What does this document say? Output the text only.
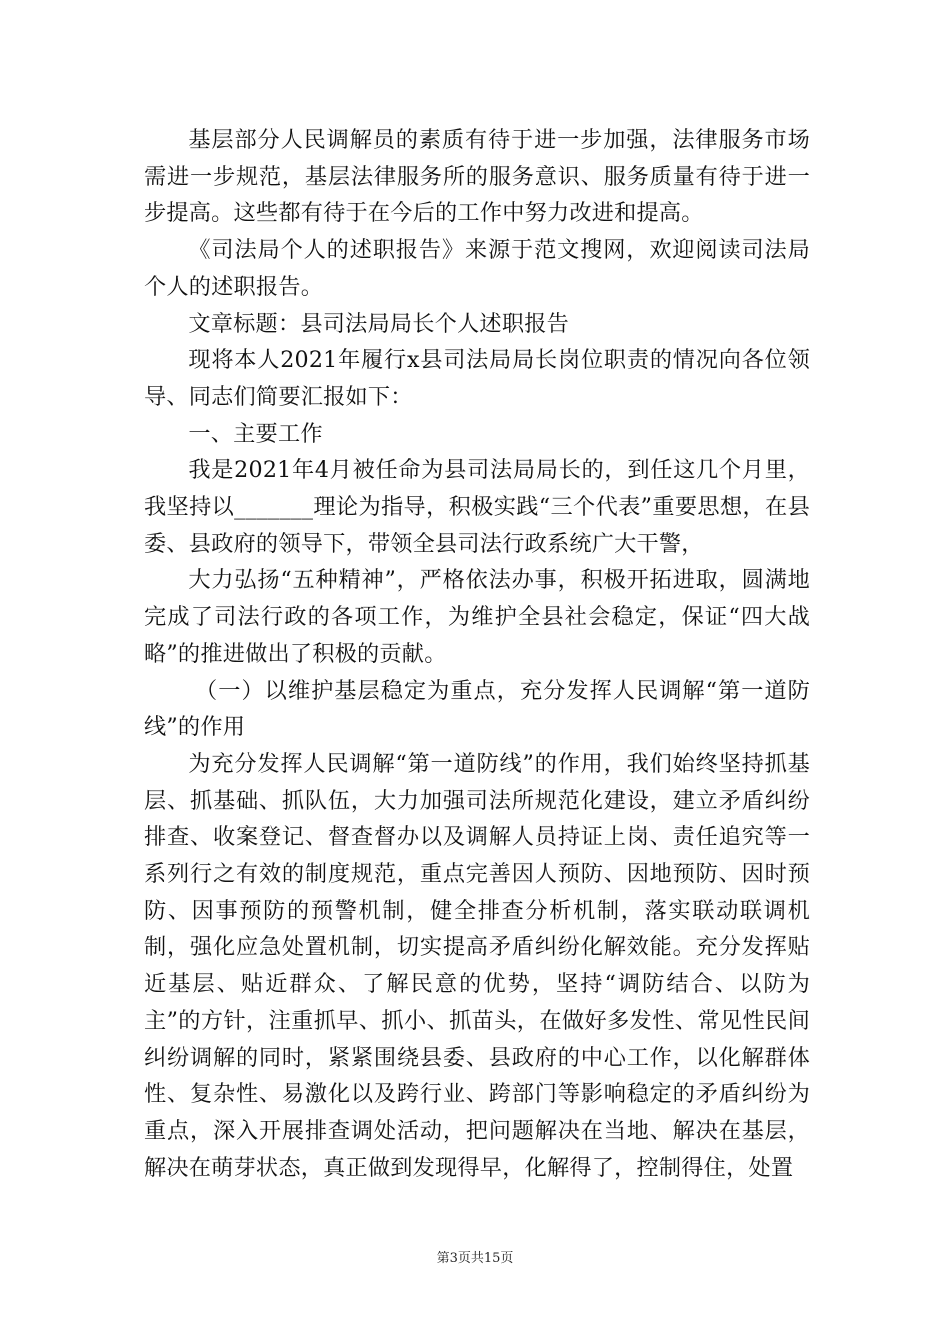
基层部分人民调解员的素质有待于进一步加强，法律服务市场需进一步规范，基层法律服务所的服务意识、服务质量有待于进一步提高。这些都有待于在今后的工作中努力改进和提高。

《司法局个人的述职报告》来源于范文搜网，欢迎阅读司法局个人的述职报告。

文章标题：县司法局局长个人述职报告

现将本人2021年履行x县司法局局长岗位职责的情况向各位领导、同志们简要汇报如下：

一、主要工作

我是2021年4月被任命为县司法局局长的，到任这几个月里，我坚持以_______理论为指导，积极实践“三个代表”重要思想，在县委、县政府的领导下，带领全县司法行政系统广大干警，

大力弘扬“五种精神”，严格依法办事，积极开拓进取，圆满地完成了司法行政的各项工作，为维护全县社会稳定，保证“四大战略”的推进做出了积极的贡献。

（一）以维护基层稳定为重点，充分发挥人民调解“第一道防线”的作用

为充分发挥人民调解“第一道防线”的作用，我们始终坚持抓基层、抓基础、抓队伍，大力加强司法所规范化建设，建立矛盾纠纷排查、收案登记、督查督办以及调解人员持证上岗、责任追究等一系列行之有效的制度规范，重点完善因人预防、因地预防、因时预防、因事预防的预警机制，健全排查分析机制，落实联动联调机制，强化应急处置机制，切实提高矛盾纠纷化解效能。充分发挥贴近基层、贴近群众、了解民意的优势，坚持“调防结合、以防为主”的方针，注重抓早、抓小、抓苗头，在做好多发性、常见性民间纠纷调解的同时，紧紧围绕县委、县政府的中心工作，以化解群体性、复杂性、易激化以及跨行业、跨部门等影响稳定的矛盾纠纷为重点，深入开展排查调处活动，把问题解决在当地、解决在基层，解决在萌芽状态，真正做到发现得早，化解得了，控制得住，处置

第3页共15页
